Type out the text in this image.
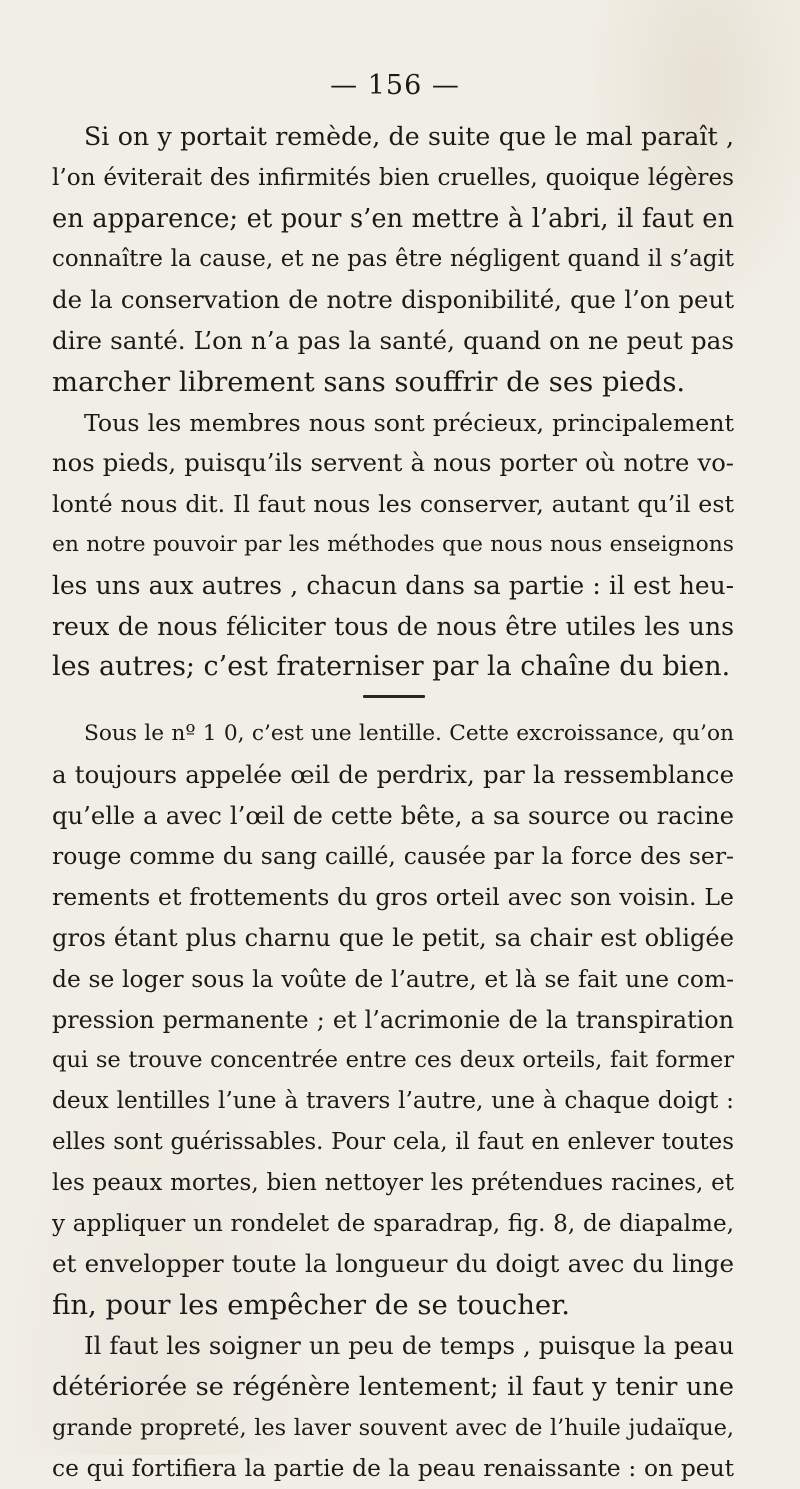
— 156 —
Si on y portait remède, de suite que le mal paraît ,
l’on éviterait des infirmités bien cruelles, quoique légères
en apparence; et pour s’en mettre à l’abri, il faut en
connaître la cause, et ne pas être négligent quand il s’agit
de la conservation de notre disponibilité, que l’on peut
dire santé. L’on n’a pas la santé, quand on ne peut pas
marcher librement sans souffrir de ses pieds.
Tous les membres nous sont précieux, principalement
nos pieds, puisqu’ils servent à nous porter où notre vo-
lonté nous dit. Il faut nous les conserver, autant qu’il est
en notre pouvoir par les méthodes que nous nous enseignons
les uns aux autres , chacun dans sa partie : il est heu-
reux de nous féliciter tous de nous être utiles les uns
les autres; c’est fraterniser par la chaîne du bien.
Sous le nº 1 0, c’est une lentille. Cette excroissance, qu’on
a toujours appelée œil de perdrix, par la ressemblance
qu’elle a avec l’œil de cette bête, a sa source ou racine
rouge comme du sang caillé, causée par la force des ser-
rements et frottements du gros orteil avec son voisin. Le
gros étant plus charnu que le petit, sa chair est obligée
de se loger sous la voûte de l’autre, et là se fait une com-
pression permanente ; et l’acrimonie de la transpiration
qui se trouve concentrée entre ces deux orteils, fait former
deux lentilles l’une à travers l’autre, une à chaque doigt :
elles sont guérissables. Pour cela, il faut en enlever toutes
les peaux mortes, bien nettoyer les prétendues racines, et
y appliquer un rondelet de sparadrap, fig. 8, de diapalme,
et envelopper toute la longueur du doigt avec du linge
fin, pour les empêcher de se toucher.
Il faut les soigner un peu de temps , puisque la peau
détériorée se régénère lentement; il faut y tenir une
grande propreté, les laver souvent avec de l’huile judaïque,
ce qui fortifiera la partie de la peau renaissante : on peut
